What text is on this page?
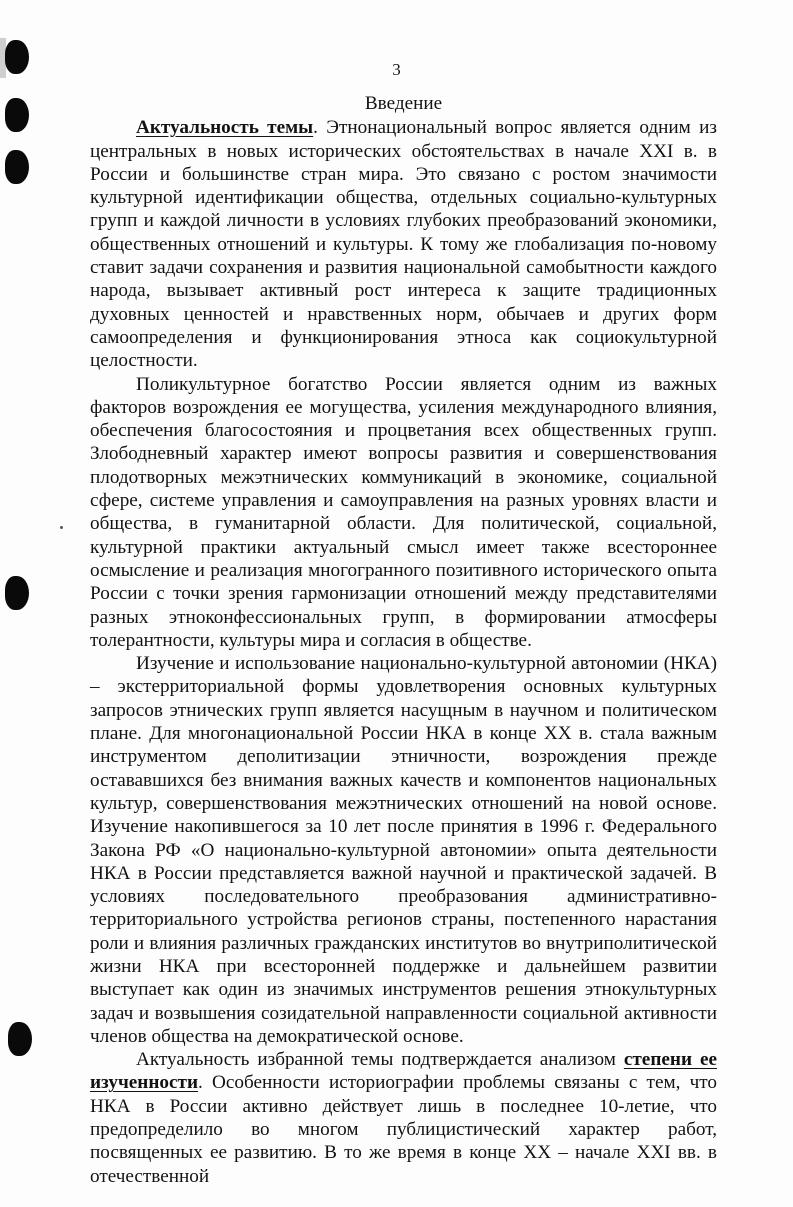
3
Введение

Актуальность темы. Этнонациональный вопрос является одним из центральных в новых исторических обстоятельствах в начале XXI в. в России и большинстве стран мира. Это связано с ростом значимости культурной идентификации общества, отдельных социально-культурных групп и каждой личности в условиях глубоких преобразований экономики, общественных отношений и культуры. К тому же глобализация по-новому ставит задачи сохранения и развития национальной самобытности каждого народа, вызывает активный рост интереса к защите традиционных духовных ценностей и нравственных норм, обычаев и других форм самоопределения и функционирования этноса как социокультурной целостности.

Поликультурное богатство России является одним из важных факторов возрождения ее могущества, усиления международного влияния, обеспечения благосостояния и процветания всех общественных групп. Злободневный характер имеют вопросы развития и совершенствования плодотворных межэтнических коммуникаций в экономике, социальной сфере, системе управления и самоуправления на разных уровнях власти и общества, в гуманитарной области. Для политической, социальной, культурной практики актуальный смысл имеет также всестороннее осмысление и реализация многогранного позитивного исторического опыта России с точки зрения гармонизации отношений между представителями разных этноконфессиональных групп, в формировании атмосферы толерантности, культуры мира и согласия в обществе.

Изучение и использование национально-культурной автономии (НКА) – экстерриториальной формы удовлетворения основных культурных запросов этнических групп является насущным в научном и политическом плане. Для многонациональной России НКА в конце XX в. стала важным инструментом деполитизации этничности, возрождения прежде остававшихся без внимания важных качеств и компонентов национальных культур, совершенствования межэтнических отношений на новой основе. Изучение накопившегося за 10 лет после принятия в 1996 г. Федерального Закона РФ «О национально-культурной автономии» опыта деятельности НКА в России представляется важной научной и практической задачей. В условиях последовательного преобразования административно-территориального устройства регионов страны, постепенного нарастания роли и влияния различных гражданских институтов во внутриполитической жизни НКА при всесторонней поддержке и дальнейшем развитии выступает как один из значимых инструментов решения этнокультурных задач и возвышения созидательной направленности социальной активности членов общества на демократической основе.

Актуальность избранной темы подтверждается анализом степени ее изученности. Особенности историографии проблемы связаны с тем, что НКА в России активно действует лишь в последнее 10-летие, что предопределило во многом публицистический характер работ, посвященных ее развитию. В то же время в конце XX – начале XXI вв. в отечественной
